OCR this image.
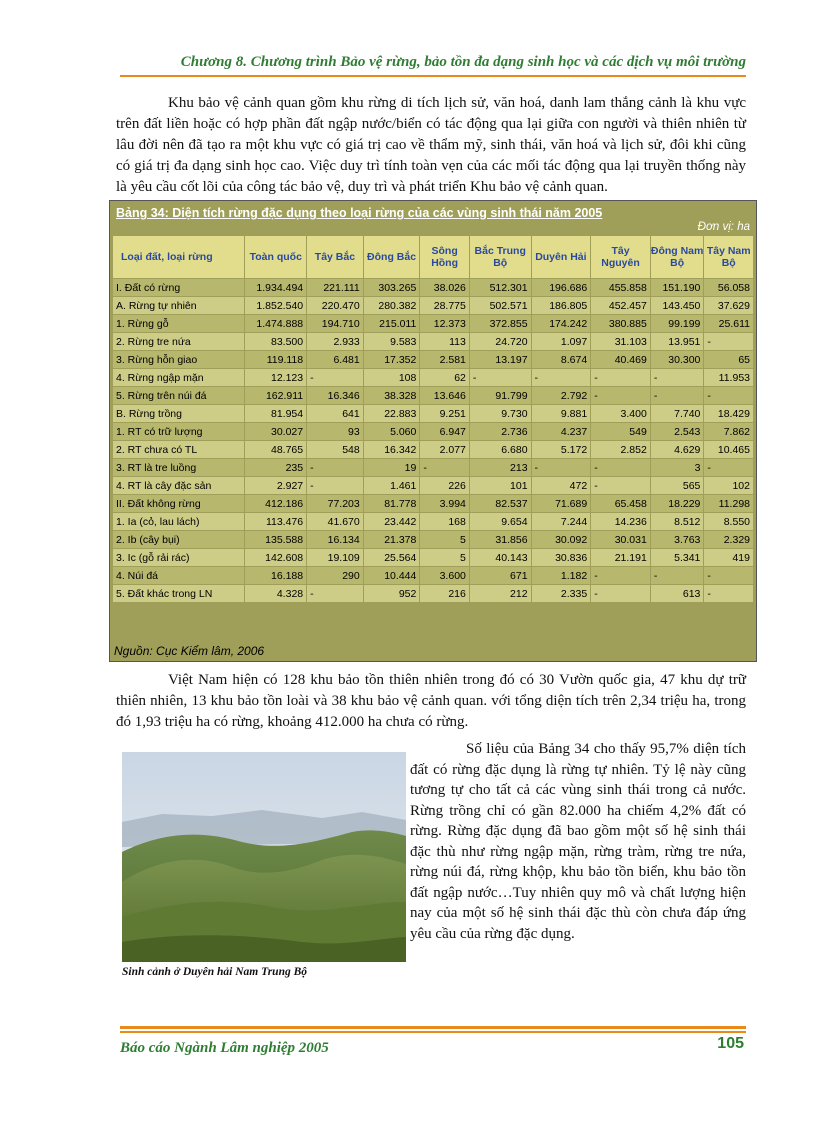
Chương 8. Chương trình Bảo vệ rừng, bảo tồn đa dạng sinh học và các dịch vụ môi trường
Khu bảo vệ cảnh quan gồm khu rừng di tích lịch sử, văn hoá, danh lam thắng cảnh là khu vực trên đất liền hoặc có hợp phần đất ngập nước/biển có tác động qua lại giữa con người và thiên nhiên từ lâu đời nên đã tạo ra một khu vực có giá trị cao về thẩm mỹ, sinh thái, văn hoá và lịch sử, đôi khi cũng có giá trị đa dạng sinh học cao. Việc duy trì tính toàn vẹn của các mối tác động qua lại truyền thống này là yêu cầu cốt lõi của công tác bảo vệ, duy trì và phát triển Khu bảo vệ cảnh quan.
Bảng 34: Diện tích rừng đặc dụng theo loại rừng của các vùng sinh thái năm 2005
Đơn vị: ha
Loại đất, loại rừng	Toàn quốc	Tây Bắc	Đông Bắc	Sông Hồng	Bắc Trung Bộ	Duyên Hải	Tây Nguyên	Đông Nam Bộ	Tây Nam Bộ
I. Đất có rừng	1.934.494	221.111	303.265	38.026	512.301	196.686	455.858	151.190	56.058
A. Rừng tự nhiên	1.852.540	220.470	280.382	28.775	502.571	186.805	452.457	143.450	37.629
1. Rừng gỗ	1.474.888	194.710	215.011	12.373	372.855	174.242	380.885	99.199	25.611
2. Rừng tre nứa	83.500	2.933	9.583	113	24.720	1.097	31.103	13.951	-
3. Rừng hỗn giao	119.118	6.481	17.352	2.581	13.197	8.674	40.469	30.300	65
4. Rừng ngập mặn	12.123	-	108	62	-	-	-	-	11.953
5. Rừng trên núi đá	162.911	16.346	38.328	13.646	91.799	2.792	-	-	-
B. Rừng trồng	81.954	641	22.883	9.251	9.730	9.881	3.400	7.740	18.429
1. RT có trữ lượng	30.027	93	5.060	6.947	2.736	4.237	549	2.543	7.862
2. RT chưa có TL	48.765	548	16.342	2.077	6.680	5.172	2.852	4.629	10.465
3. RT là tre luồng	235	-	19	-	213	-	-	3	-
4. RT là cây đặc sản	2.927	-	1.461	226	101	472	-	565	102
II. Đất không rừng	412.186	77.203	81.778	3.994	82.537	71.689	65.458	18.229	11.298
1. Ia (cỏ, lau lách)	113.476	41.670	23.442	168	9.654	7.244	14.236	8.512	8.550
2. Ib (cây bụi)	135.588	16.134	21.378	5	31.856	30.092	30.031	3.763	2.329
3. Ic (gỗ rải rác)	142.608	19.109	25.564	5	40.143	30.836	21.191	5.341	419
4. Núi đá	16.188	290	10.444	3.600	671	1.182	-	-	-
5. Đất khác trong LN	4.328	-	952	216	212	2.335	-	613	-
Nguồn: Cục Kiểm lâm, 2006
Việt Nam hiện có 128 khu bảo tồn thiên nhiên trong đó có 30 Vườn quốc gia, 47 khu dự trữ thiên nhiên, 13 khu bảo tồn loài và 38 khu bảo vệ cảnh quan. với tổng diện tích trên 2,34 triệu ha, trong đó 1,93 triệu ha có rừng, khoảng 412.000 ha chưa có rừng.
Sinh cảnh ở Duyên hải Nam Trung Bộ
Số liệu của Bảng 34 cho thấy 95,7% diện tích đất có rừng đặc dụng là rừng tự nhiên. Tỷ lệ này cũng tương tự cho tất cả các vùng sinh thái trong cả nước. Rừng trồng chỉ có gần 82.000 ha chiếm 4,2% đất có rừng. Rừng đặc dụng đã bao gồm một số hệ sinh thái đặc thù như rừng ngập mặn, rừng tràm, rừng tre nứa, rừng núi đá, rừng khộp, khu bảo tồn biển, khu bảo tồn đất ngập nước…Tuy nhiên quy mô và chất lượng hiện nay của một số hệ sinh thái đặc thù còn chưa đáp ứng yêu cầu của rừng đặc dụng.
Báo cáo Ngành Lâm nghiệp 2005	105
